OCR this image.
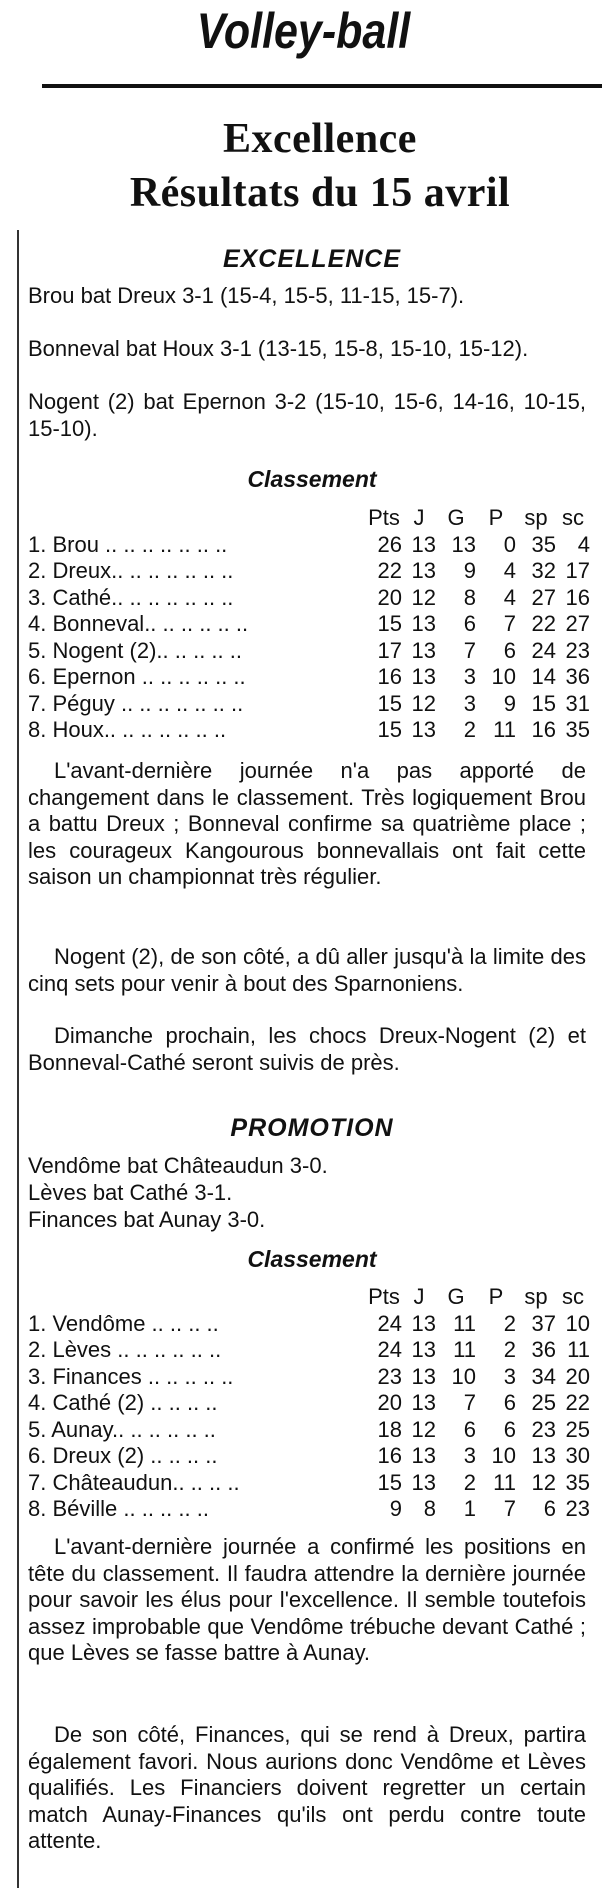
Volley-ball
Excellence
Résultats du 15 avril
EXCELLENCE
Brou bat Dreux 3-1 (15-4, 15-5, 11-15, 15-7).
Bonneval bat Houx 3-1 (13-15, 15-8, 15-10, 15-12).
Nogent (2) bat Epernon 3-2 (15-10, 15-6, 14-16, 10-15, 15-10).
Classement
Pts J	G	P sp sc
1. Brou .. .. .. .. .. .. ..	26 13 13	0 35 4
2. Dreux.. .. .. .. .. .. ..	22 13	9	4 32 17
3. Cathé.. .. .. .. .. .. ..	20 12	8	4 27 16
4. Bonneval.. .. .. .. .. ..	15 13	6	7 22 27
5. Nogent (2).. .. .. .. ..	17 13	7	6 24 23
6. Epernon .. .. .. .. .. ..	16 13	3 10 14 36
7. Péguy .. .. .. .. .. .. ..	15 12	3	9 15 31
8. Houx.. .. .. .. .. .. ..	15 13	2 11 16 35
L'avant-dernière journée n'a pas apporté de changement dans le classement. Très logiquement Brou a battu Dreux ; Bonneval confirme sa quatrième place ; les courageux Kangourous bonnevallais ont fait cette saison un championnat très régulier.
Nogent (2), de son côté, a dû aller jusqu'à la limite des cinq sets pour venir à bout des Sparnoniens.
Dimanche prochain, les chocs Dreux-Nogent (2) et Bonneval-Cathé seront suivis de près.
PROMOTION
Vendôme bat Châteaudun 3-0.
Lèves bat Cathé 3-1.
Finances bat Aunay 3-0.
Classement
Pts J	G	P sp sc
1. Vendôme .. .. .. ..	24 13 11	2 37 10
2. Lèves .. .. .. .. .. ..	24 13 11	2 36 11
3. Finances .. .. .. .. ..	23 13 10	3 34 20
4. Cathé (2) .. .. .. ..	20 13	7	6 25 22
5. Aunay.. .. .. .. .. ..	18 12	6	6 23 25
6. Dreux (2) .. .. .. ..	16 13	3 10 13 30
7. Châteaudun.. .. .. ..	15 13	2 11 12 35
8. Béville .. .. .. .. ..	9 8	1	7	6 23
L'avant-dernière journée a confirmé les positions en tête du classement. Il faudra attendre la dernière journée pour savoir les élus pour l'excellence. Il semble toutefois assez improbable que Vendôme trébuche devant Cathé ; que Lèves se fasse battre à Aunay.
De son côté, Finances, qui se rend à Dreux, partira également favori. Nous aurions donc Vendôme et Lèves qualifiés. Les Financiers doivent regretter un certain match Aunay-Finances qu'ils ont perdu contre toute attente.
